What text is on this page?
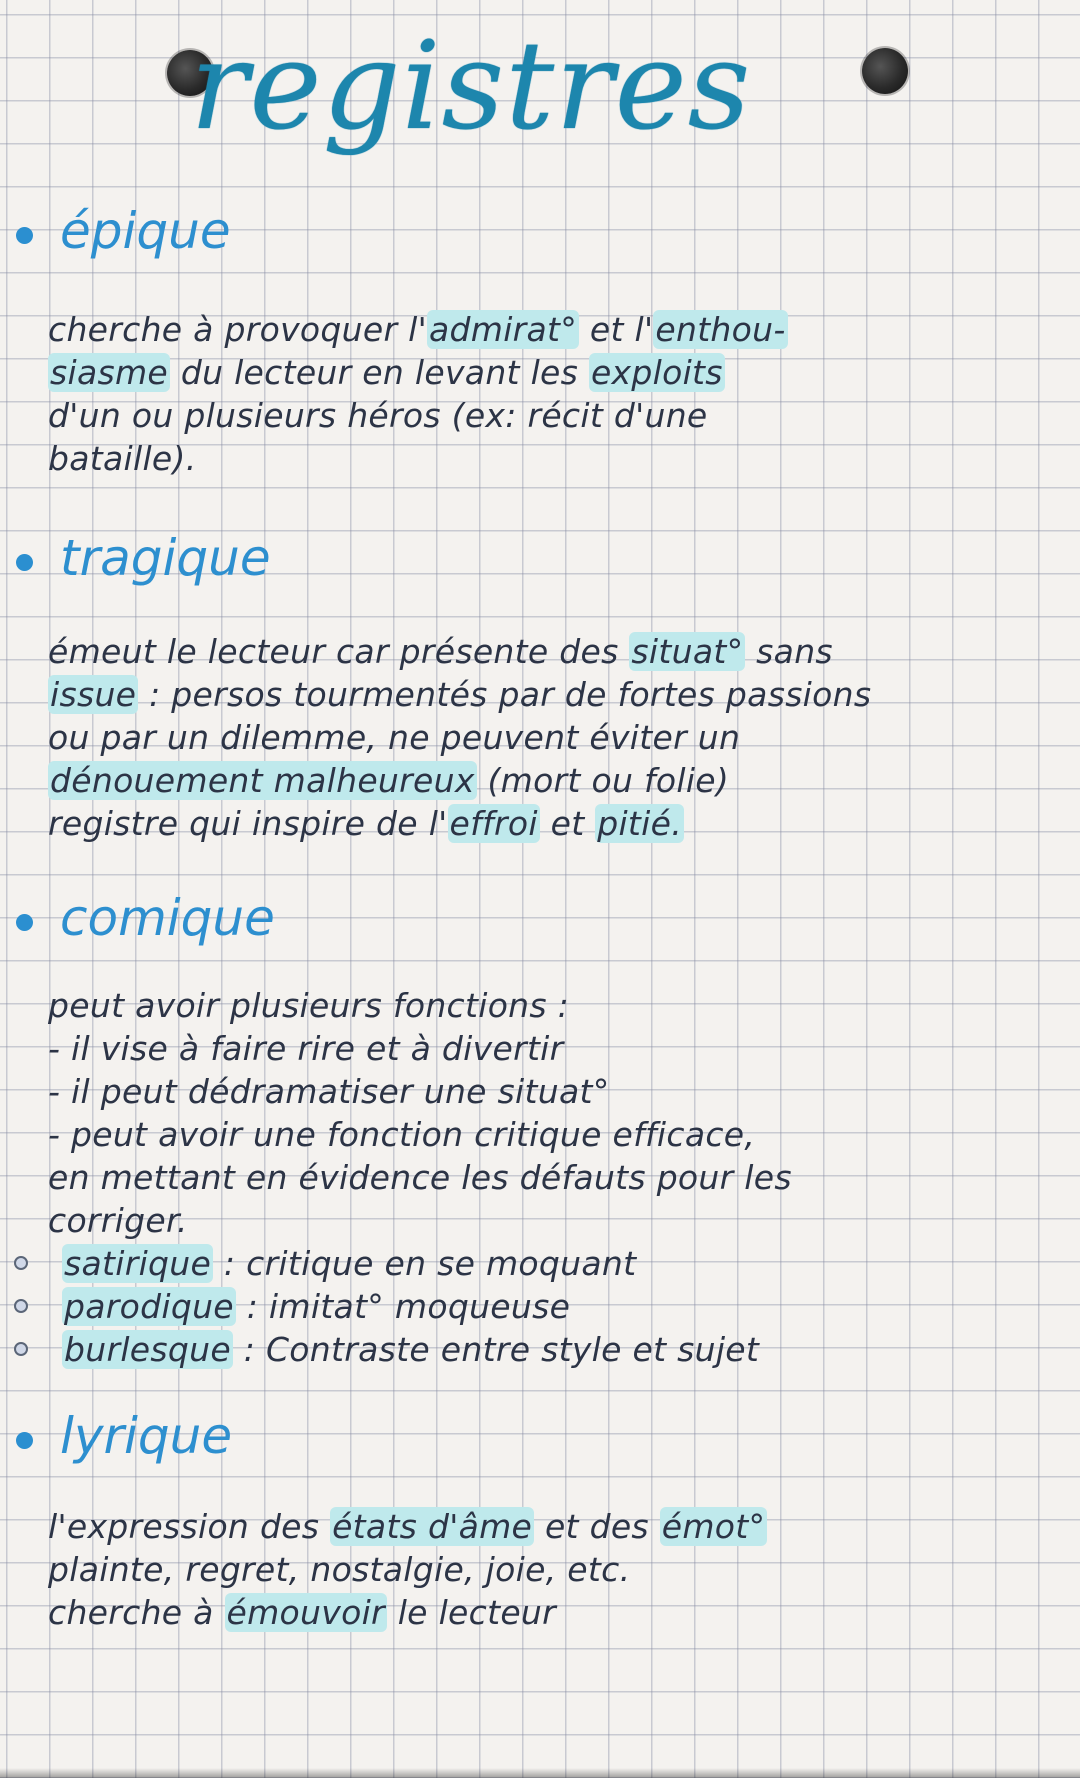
registres
épique

cherche à provoquer l'admirat° et l'enthou-
siasme du lecteur en levant les exploits
d'un ou plusieurs héros (ex: récit d'une
bataille).

tragique

émeut le lecteur car présente des situat° sans
issue : persos tourmentés par de fortes passions
ou par un dilemme, ne peuvent éviter un
dénouement malheureux (mort ou folie)
registre qui inspire de l'effroi et pitié.

comique

peut avoir plusieurs fonctions :
- il vise à faire rire et à divertir
- il peut dédramatiser une situat°
- peut avoir une fonction critique efficace,
en mettant en évidence les défauts pour les
corriger.
satirique : critique en se moquant
parodique : imitat° moqueuse
burlesque : Contraste entre style et sujet

lyrique

l'expression des états d'âme et des émot°
plainte, regret, nostalgie, joie, etc.
cherche à émouvoir le lecteur
